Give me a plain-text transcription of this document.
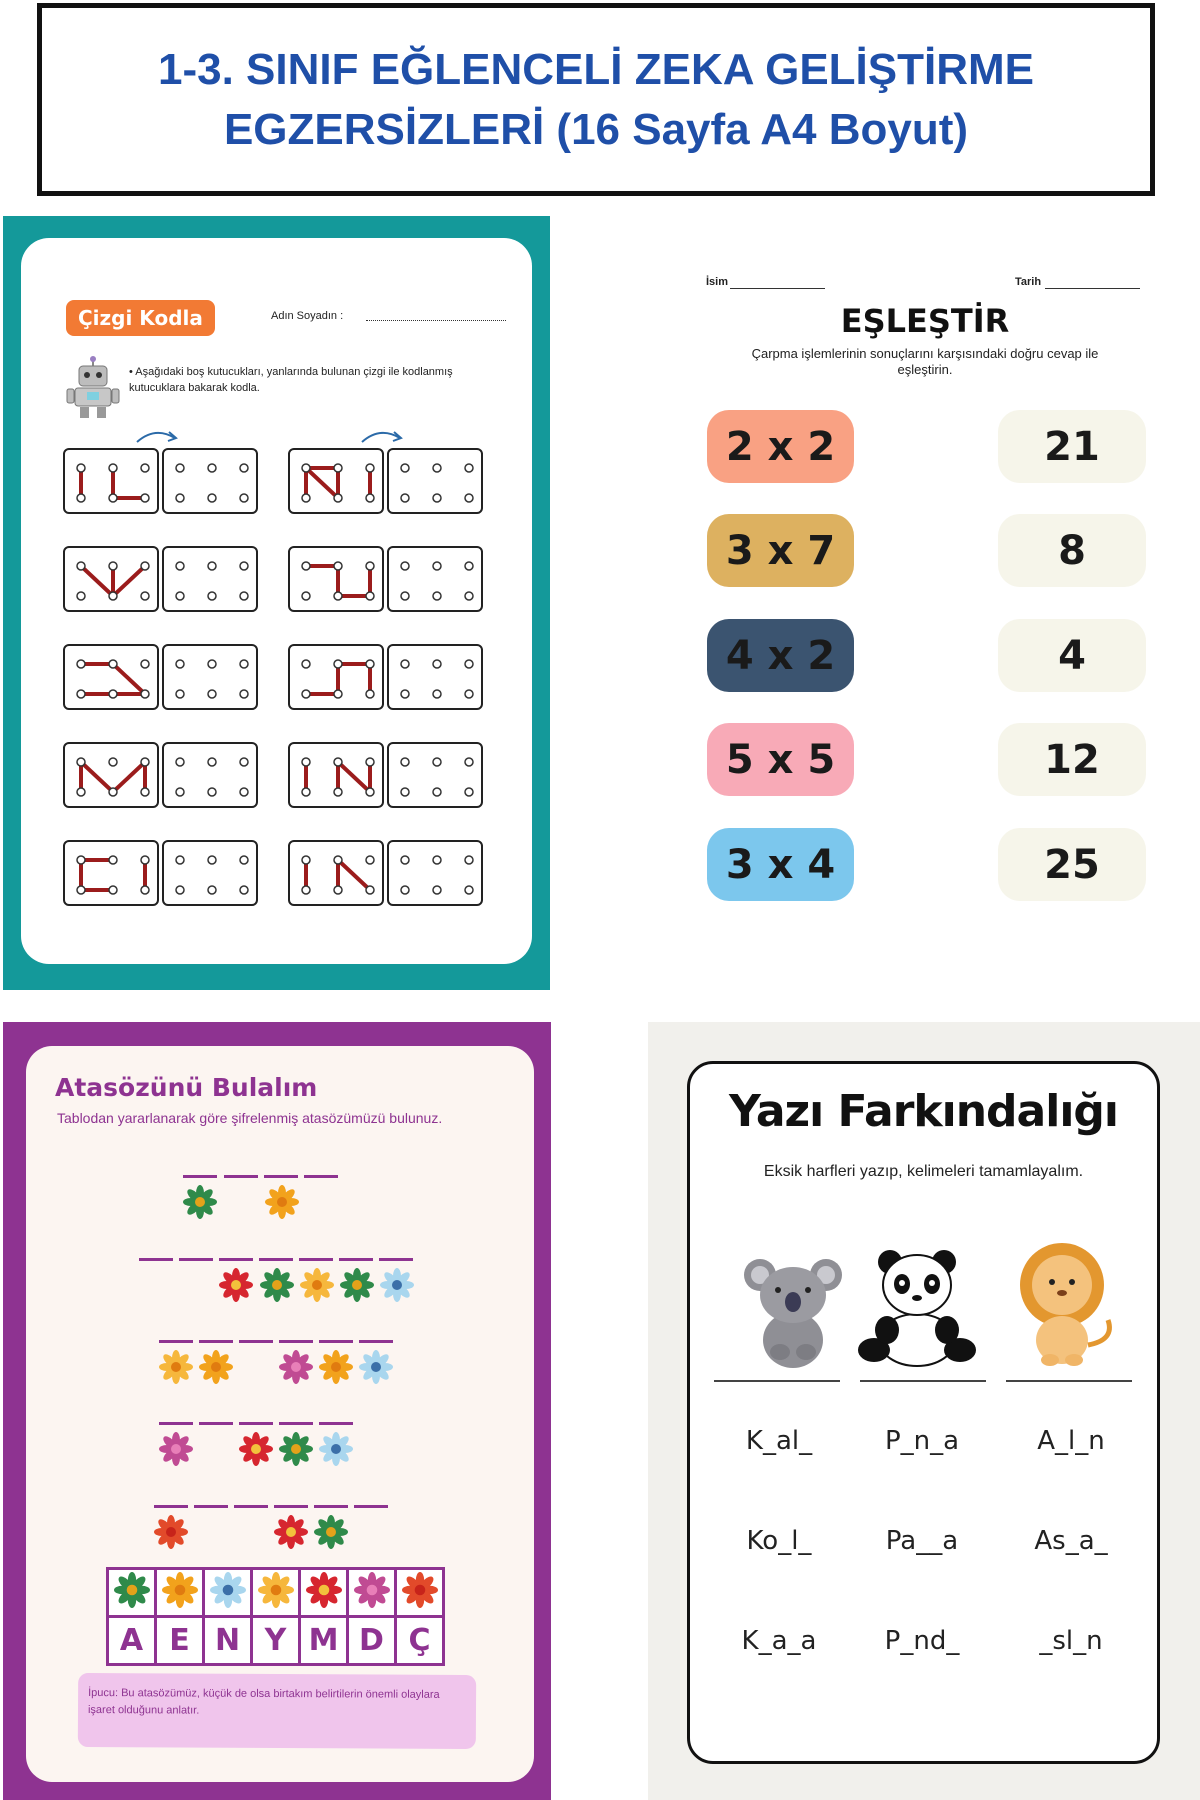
1-3. SINIF EĞLENCELİ ZEKA GELİŞTİRME
EGZERSİZLERİ (16 Sayfa A4 Boyut)
Çizgi Kodla	Adın Soyadın :
• Aşağıdaki boş kutucukları, yanlarında bulunan çizgi ile kodlanmış kutucuklara bakarak kodla.
İsim	Tarih
EŞLEŞTİR
Çarpma işlemlerinin sonuçlarını karşısındaki doğru cevap ile eşleştirin.
2 x 2
3 x 7
4 x 2
5 x 5
3 x 4
21
8
4
12
25
Atasözünü Bulalım
Tablodan yararlanarak göre şifrelenmiş atasözümüzü bulunuz.

A	E	N	Y	M	D	Ç
İpucu: Bu atasözümüz, küçük de olsa birtakım belirtilerin önemli olaylara işaret olduğunu anlatır.
Yazı Farkındalığı
Eksik harfleri yazıp, kelimeleri tamamlayalım.
K_al_	P_n_a	A_l_n
Ko_l_	Pa__a	As_a_
K_a_a	P_nd_	_sl_n
